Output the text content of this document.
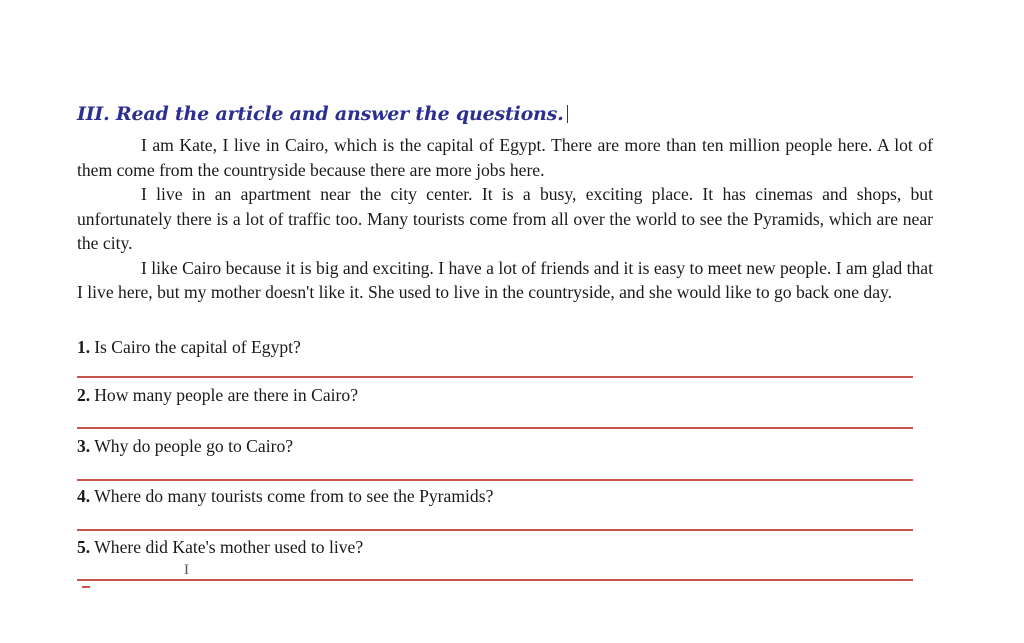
III. Read the article and answer the questions.

I am Kate, I live in Cairo, which is the capital of Egypt. There are more than ten million people here. A lot of them come from the countryside because there are more jobs here.

I live in an apartment near the city center. It is a busy, exciting place. It has cinemas and shops, but unfortunately there is a lot of traffic too. Many tourists come from all over the world to see the Pyramids, which are near the city.

I like Cairo because it is big and exciting. I have a lot of friends and it is easy to meet new people. I am glad that I live here, but my mother doesn't like it. She used to live in the countryside, and she would like to go back one day.

1. Is Cairo the capital of Egypt?
2. How many people are there in Cairo?
3. Why do people go to Cairo?
4. Where do many tourists come from to see the Pyramids?
5. Where did Kate's mother used to live?
I
